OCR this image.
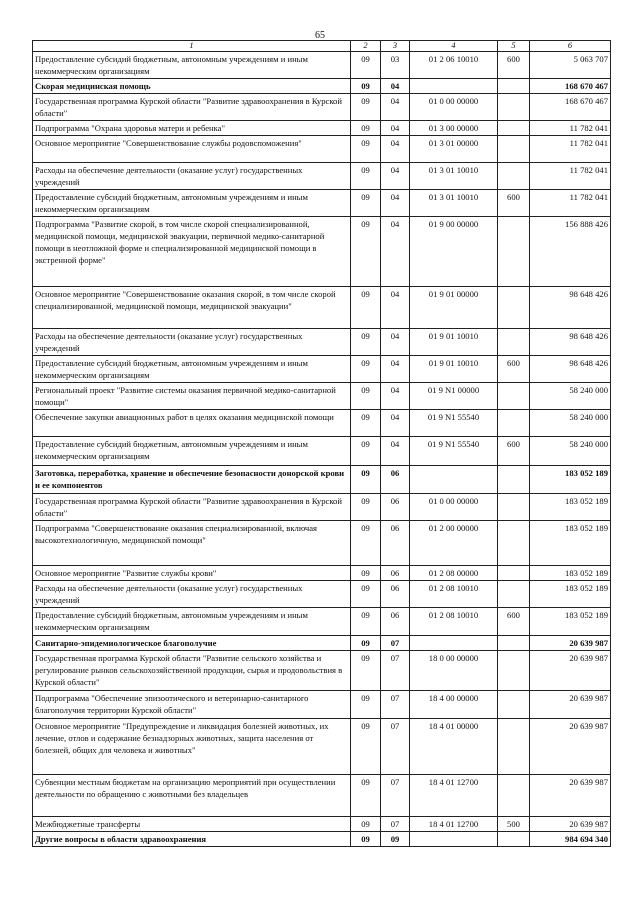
65
1	2	3	4	5	6
Предоставление субсидий бюджетным, автономным учреждениям и иным некоммерческим организациям	09	03	01 2 06 10010	600	5 063 707
Скорая медицинская помощь	09	04			168 670 467
Государственная программа Курской области "Развитие здравоохранения в Курской области"	09	04	01 0 00 00000		168 670 467
Подпрограмма "Охрана здоровья матери и ребенка"	09	04	01 3 00 00000		11 782 041
Основное мероприятие "Совершенствование службы родовспоможения"	09	04	01 3 01 00000		11 782 041
Расходы на обеспечение деятельности (оказание услуг) государственных учреждений	09	04	01 3 01 10010		11 782 041
Предоставление субсидий бюджетным, автономным учреждениям и иным некоммерческим организациям	09	04	01 3 01 10010	600	11 782 041
Подпрограмма "Развитие скорой, в том числе скорой специализированной, медицинской помощи, медицинской эвакуации, первичной медико-санитарной помощи в неотложной форме и специализированной медицинской помощи в экстренной форме"	09	04	01 9 00 00000		156 888 426
Основное мероприятие "Совершенствование оказания скорой, в том числе скорой специализированной, медицинской помощи, медицинской эвакуации"	09	04	01 9 01 00000		98 648 426
Расходы на обеспечение деятельности (оказание услуг) государственных учреждений	09	04	01 9 01 10010		98 648 426
Предоставление субсидий бюджетным, автономным учреждениям и иным некоммерческим организациям	09	04	01 9 01 10010	600	98 648 426
Региональный проект "Развитие системы оказания первичной медико-санитарной помощи"	09	04	01 9 N1 00000		58 240 000
Обеспечение закупки авиационных работ в целях оказания медицинской помощи	09	04	01 9 N1 55540		58 240 000
Предоставление субсидий бюджетным, автономным учреждениям и иным некоммерческим организациям	09	04	01 9 N1 55540	600	58 240 000
Заготовка, переработка, хранение и обеспечение безопасности донорской крови и ее компонентов	09	06			183 052 189
Государственная программа Курской области "Развитие здравоохранения в Курской области"	09	06	01 0 00 00000		183 052 189
Подпрограмма "Совершенствование оказания специализированной, включая высокотехнологичную, медицинской помощи"	09	06	01 2 00 00000		183 052 189
Основное мероприятие "Развитие службы крови"	09	06	01 2 08 00000		183 052 189
Расходы на обеспечение деятельности (оказание услуг) государственных учреждений	09	06	01 2 08 10010		183 052 189
Предоставление субсидий бюджетным, автономным учреждениям и иным некоммерческим организациям	09	06	01 2 08 10010	600	183 052 189
Санитарно-эпидемиологическое благополучие	09	07			20 639 987
Государственная программа Курской области "Развитие сельского хозяйства и регулирование рынков сельскохозяйственной продукции, сырья и продовольствия в Курской области"	09	07	18 0 00 00000		20 639 987
Подпрограмма "Обеспечение эпизоотического и ветеринарно-санитарного благополучия территории Курской области"	09	07	18 4 00 00000		20 639 987
Основное мероприятие "Предупреждение и ликвидация болезней животных, их лечение, отлов и содержание безнадзорных животных, защита населения от болезней, общих для человека и животных"	09	07	18 4 01 00000		20 639 987
Субвенции местным бюджетам на организацию мероприятий при осуществлении деятельности по обращению с животными без владельцев	09	07	18 4 01 12700		20 639 987
Межбюджетные трансферты	09	07	18 4 01 12700	500	20 639 987
Другие вопросы в области здравоохранения	09	09			984 694 340
